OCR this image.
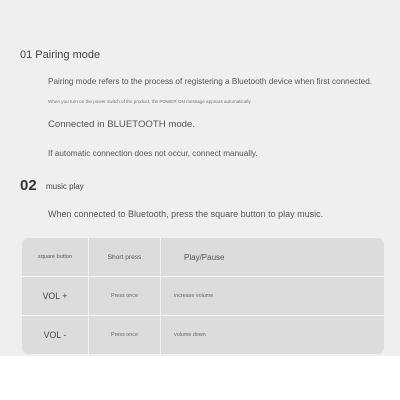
01 Pairing mode
Pairing mode refers to the process of registering a Bluetooth device when first connected.
When you turn on the power switch of the product, the POWER ON message appears automatically.
Connected in BLUETOOTH mode.
If automatic connection does not occur, connect manually.
02 music play
When connected to Bluetooth, press the square button to play music.
square button	Short press	Play/Pause
VOL +	Press once	increase volume
VOL -	Press once	volume down
